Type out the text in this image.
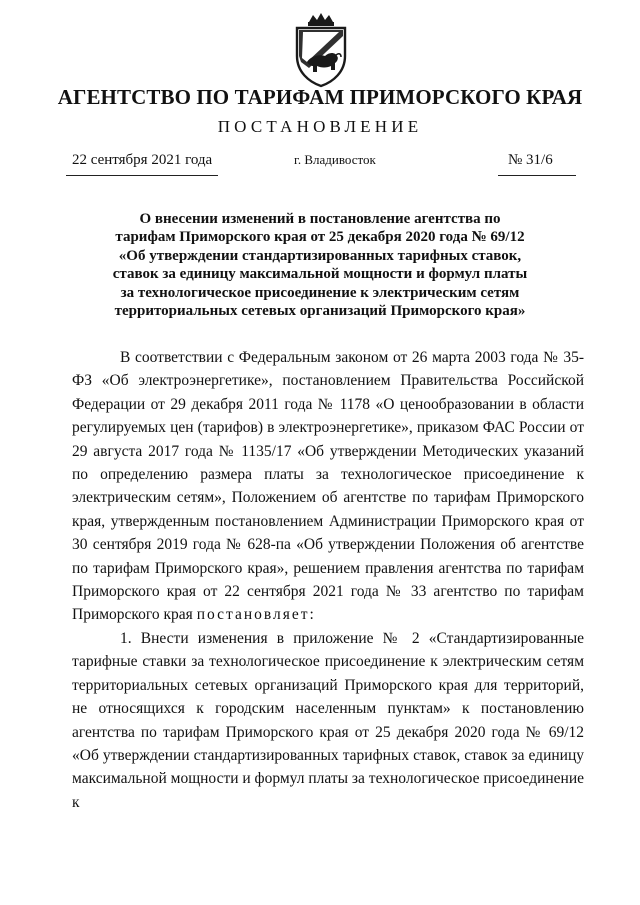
АГЕНТСТВО ПО ТАРИФАМ ПРИМОРСКОГО КРАЯ
ПОСТАНОВЛЕНИЕ
22 сентября 2021 года	г. Владивосток	№ 31/6
О внесении изменений в постановление агентства по
тарифам Приморского края от 25 декабря 2020 года № 69/12
«Об утверждении стандартизированных тарифных ставок,
ставок за единицу максимальной мощности и формул платы
за технологическое присоединение к электрическим сетям
территориальных сетевых организаций Приморского края»

В соответствии с Федеральным законом от 26 марта 2003 года № 35-ФЗ «Об электроэнергетике», постановлением Правительства Российской Федерации от 29 декабря 2011 года № 1178 «О ценообразовании в области регулируемых цен (тарифов) в электроэнергетике», приказом ФАС России от 29 августа 2017 года № 1135/17 «Об утверждении Методических указаний по определению размера платы за технологическое присоединение к электрическим сетям», Положением об агентстве по тарифам Приморского края, утвержденным постановлением Администрации Приморского края от 30 сентября 2019 года № 628-па «Об утверждении Положения об агентстве по тарифам Приморского края», решением правления агентства по тарифам Приморского края от 22 сентября 2021 года № 33 агентство по тарифам Приморского края постановляет:

1. Внести изменения в приложение № 2 «Стандартизированные тарифные ставки за технологическое присоединение к электрическим сетям территориальных сетевых организаций Приморского края для территорий, не относящихся к городским населенным пунктам» к постановлению агентства по тарифам Приморского края от 25 декабря 2020 года № 69/12 «Об утверждении стандартизированных тарифных ставок, ставок за единицу максимальной мощности и формул платы за технологическое присоединение к
